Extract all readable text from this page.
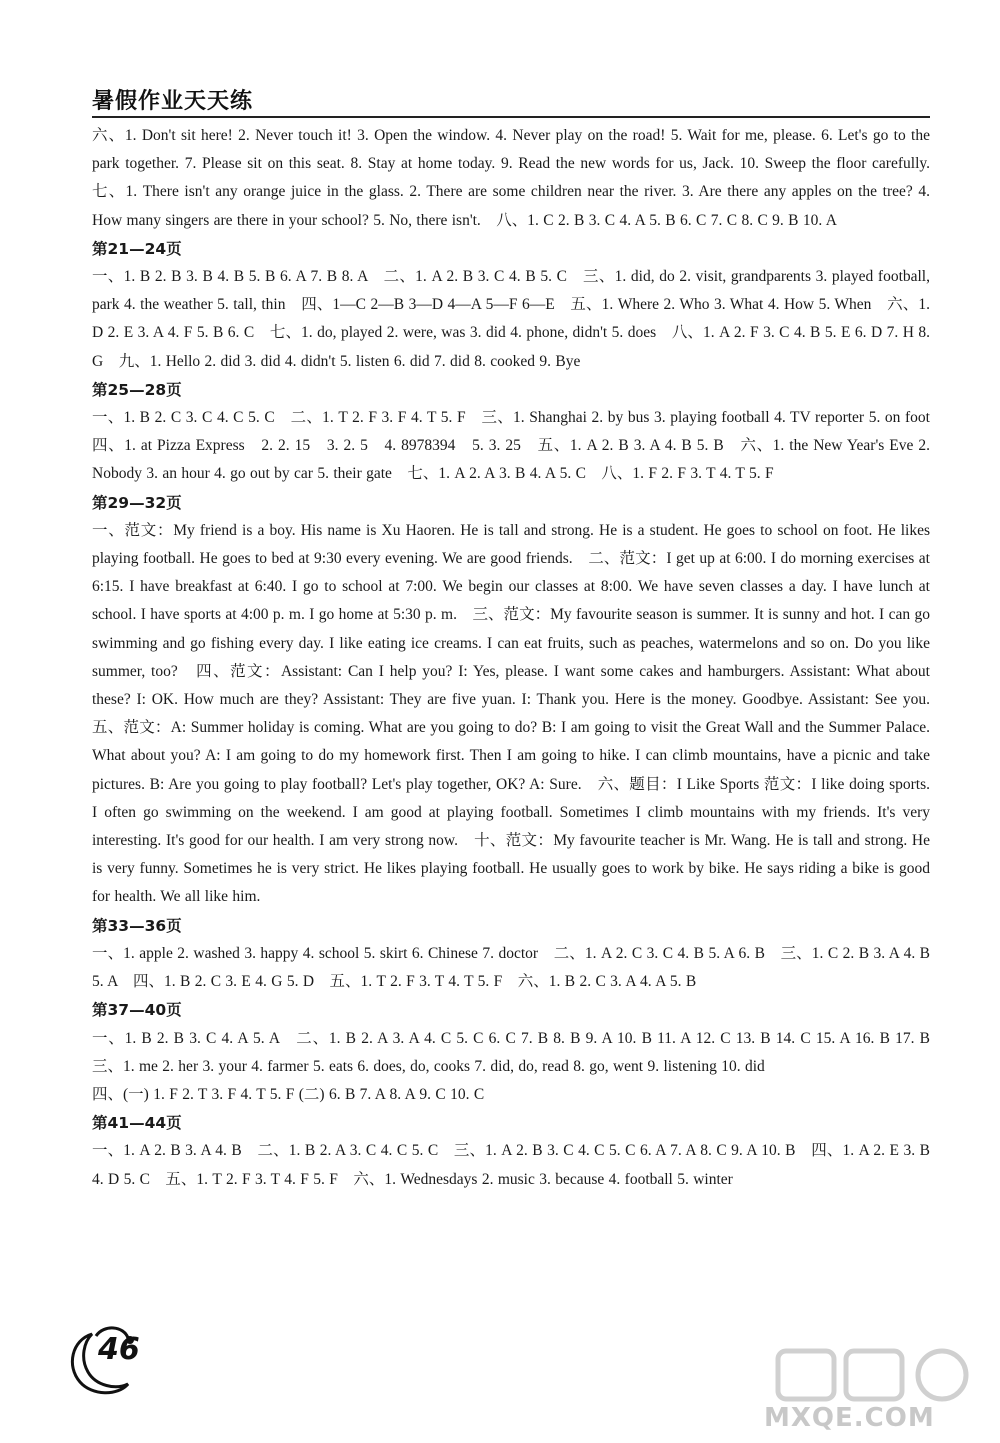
暑假作业天天练

六、1. Don't sit here! 2. Never touch it! 3. Open the window. 4. Never play on the road! 5. Wait for me, please. 6. Let's go to the park together. 7. Please sit on this seat. 8. Stay at home today. 9. Read the new words for us, Jack. 10. Sweep the floor carefully.　七、1. There isn't any orange juice in the glass. 2. There are some children near the river. 3. Are there any apples on the tree? 4. How many singers are there in your school? 5. No, there isn't.　八、1. C 2. B 3. C 4. A 5. B 6. C 7. C 8. C 9. B 10. A

第21—24页

一、1. B 2. B 3. B 4. B 5. B 6. A 7. B 8. A　二、1. A 2. B 3. C 4. B 5. C　三、1. did, do 2. visit, grandparents 3. played football, park 4. the weather 5. tall, thin　四、1—C 2—B 3—D 4—A 5—F 6—E　五、1. Where 2. Who 3. What 4. How 5. When　六、1. D 2. E 3. A 4. F 5. B 6. C　七、1. do, played 2. were, was 3. did 4. phone, didn't 5. does　八、1. A 2. F 3. C 4. B 5. E 6. D 7. H 8. G　九、1. Hello 2. did 3. did 4. didn't 5. listen 6. did 7. did 8. cooked 9. Bye

第25—28页

一、1. B 2. C 3. C 4. C 5. C　二、1. T 2. F 3. F 4. T 5. F　三、1. Shanghai 2. by bus 3. playing football 4. TV reporter 5. on foot　四、1. at Pizza Express　2. 2. 15　3. 2. 5　4. 8978394　5. 3. 25　五、1. A 2. B 3. A 4. B 5. B　六、1. the New Year's Eve 2. Nobody 3. an hour 4. go out by car 5. their gate　七、1. A 2. A 3. B 4. A 5. C　八、1. F 2. F 3. T 4. T 5. F

第29—32页

一、范文：My friend is a boy. His name is Xu Haoren. He is tall and strong. He is a student. He goes to school on foot. He likes playing football. He goes to bed at 9:30 every evening. We are good friends.　二、范文：I get up at 6:00. I do morning exercises at 6:15. I have breakfast at 6:40. I go to school at 7:00. We begin our classes at 8:00. We have seven classes a day. I have lunch at school. I have sports at 4:00 p. m. I go home at 5:30 p. m.　三、范文：My favourite season is summer. It is sunny and hot. I can go swimming and go fishing every day. I like eating ice creams. I can eat fruits, such as peaches, watermelons and so on. Do you like summer, too?　四、范文：Assistant: Can I help you? I: Yes, please. I want some cakes and hamburgers. Assistant: What about these? I: OK. How much are they? Assistant: They are five yuan. I: Thank you. Here is the money. Goodbye. Assistant: See you.　五、范文：A: Summer holiday is coming. What are you going to do? B: I am going to visit the Great Wall and the Summer Palace. What about you? A: I am going to do my homework first. Then I am going to hike. I can climb mountains, have a picnic and take pictures. B: Are you going to play football? Let's play together, OK? A: Sure.　六、题目：I Like Sports 范文：I like doing sports. I often go swimming on the weekend. I am good at playing football. Sometimes I climb mountains with my friends. It's very interesting. It's good for our health. I am very strong now.　十、范文：My favourite teacher is Mr. Wang. He is tall and strong. He is very funny. Sometimes he is very strict. He likes playing football. He usually goes to work by bike. He says riding a bike is good for health. We all like him.

第33—36页

一、1. apple 2. washed 3. happy 4. school 5. skirt 6. Chinese 7. doctor　二、1. A 2. C 3. C 4. B 5. A 6. B　三、1. C 2. B 3. A 4. B 5. A　四、1. B 2. C 3. E 4. G 5. D　五、1. T 2. F 3. T 4. T 5. F　六、1. B 2. C 3. A 4. A 5. B

第37—40页

一、1. B 2. B 3. C 4. A 5. A　二、1. B 2. A 3. A 4. C 5. C 6. C 7. B 8. B 9. A 10. B 11. A 12. C 13. B 14. C 15. A 16. B 17. B　三、1. me 2. her 3. your 4. farmer 5. eats 6. does, do, cooks 7. did, do, read 8. go, went 9. listening 10. did

四、(一) 1. F 2. T 3. F 4. T 5. F (二) 6. B 7. A 8. A 9. C 10. C

第41—44页

一、1. A 2. B 3. A 4. B　二、1. B 2. A 3. C 4. C 5. C　三、1. A 2. B 3. C 4. C 5. C 6. A 7. A 8. C 9. A 10. B　四、1. A 2. E 3. B 4. D 5. C　五、1. T 2. F 3. T 4. F 5. F　六、1. Wednesdays 2. music 3. because 4. football 5. winter

46
MXQE.COM
